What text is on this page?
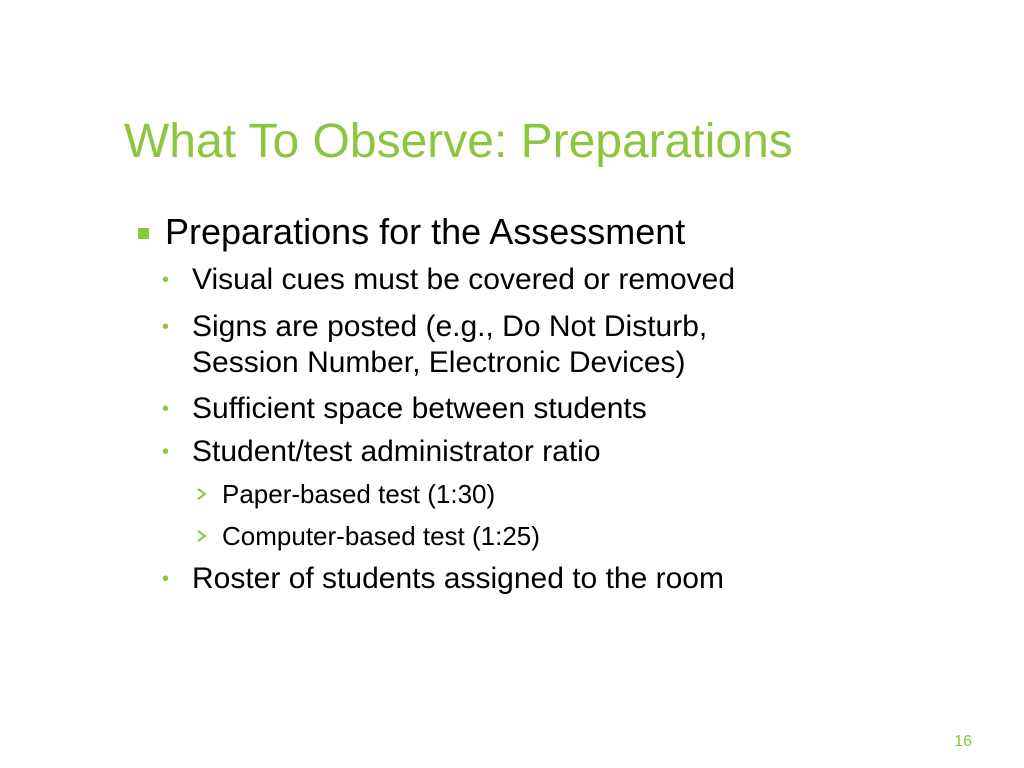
What To Observe: Preparations
Preparations for the Assessment
• Visual cues must be covered or removed
• Signs are posted (e.g., Do Not Disturb,
Session Number, Electronic Devices)
• Sufficient space between students
• Student/test administrator ratio
Paper-based test (1:30)
Computer-based test (1:25)
• Roster of students assigned to the room
16
